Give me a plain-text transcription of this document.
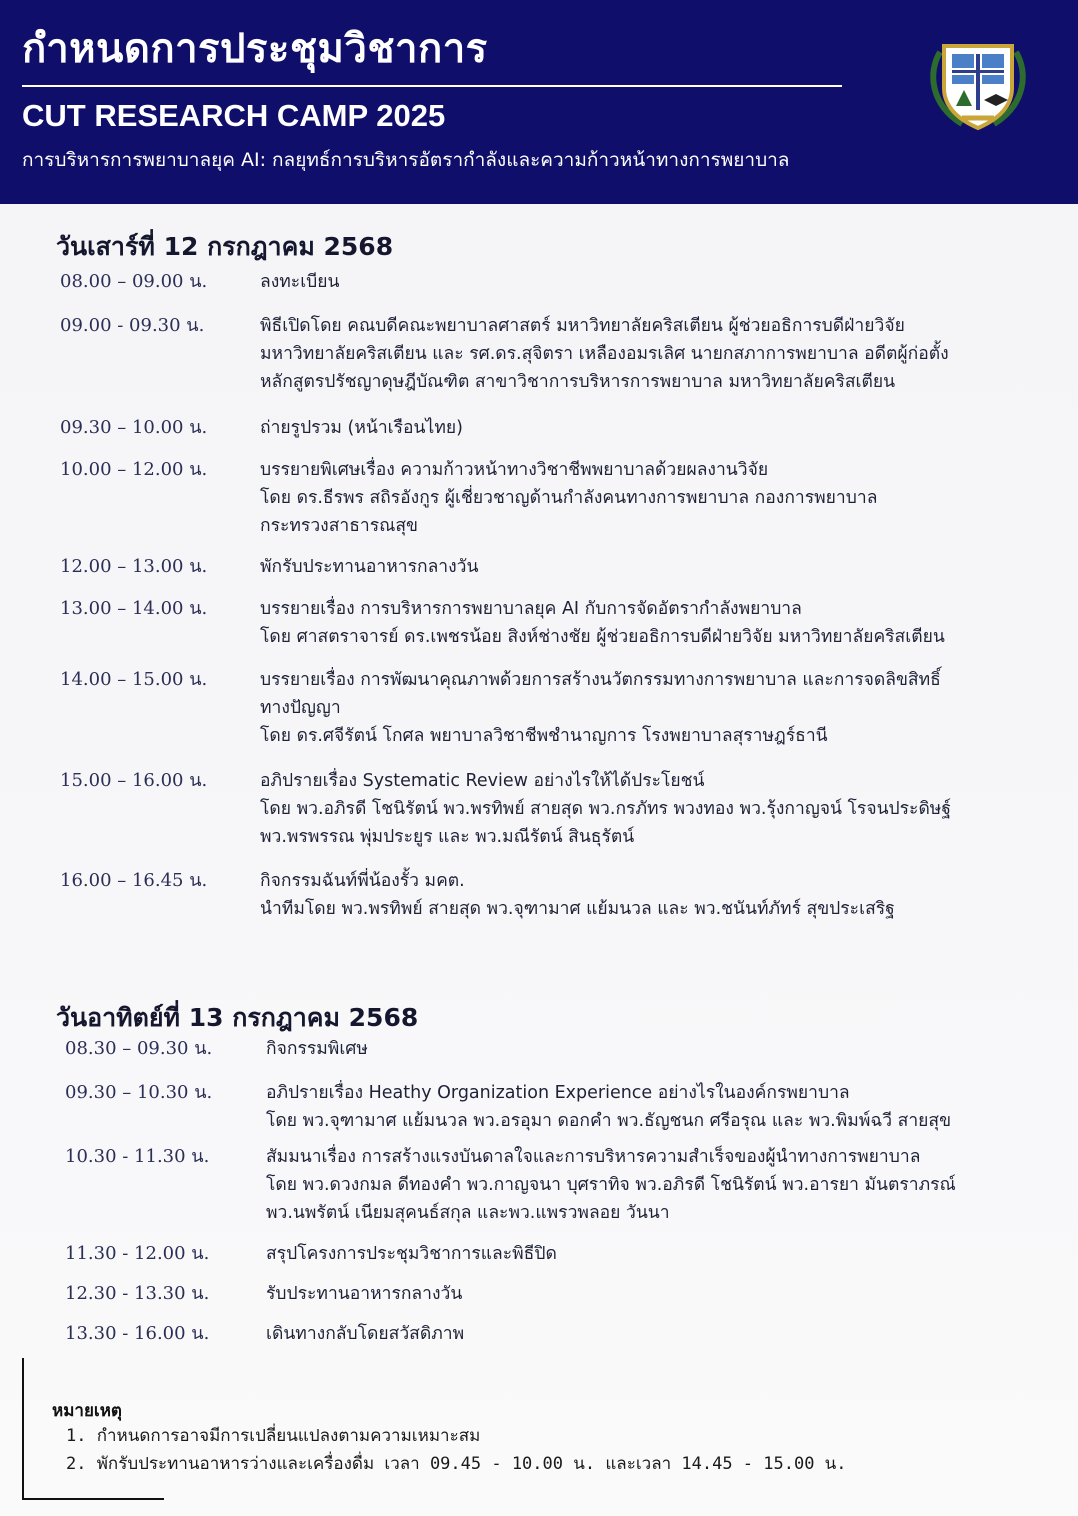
กำหนดการประชุมวิชาการ
CUT RESEARCH CAMP 2025
การบริหารการพยาบาลยุค AI: กลยุทธ์การบริหารอัตรากำลังและความก้าวหน้าทางการพยาบาล
วันเสาร์ที่ 12 กรกฎาคม 2568
08.00 – 09.00 น.	ลงทะเบียน
09.00 - 09.30 น.	พิธีเปิดโดย คณบดีคณะพยาบาลศาสตร์ มหาวิทยาลัยคริสเตียน ผู้ช่วยอธิการบดีฝ่ายวิจัย
มหาวิทยาลัยคริสเตียน และ รศ.ดร.สุจิตรา เหลืองอมรเลิศ นายกสภาการพยาบาล อดีตผู้ก่อตั้ง
หลักสูตรปรัชญาดุษฎีบัณฑิต สาขาวิชาการบริหารการพยาบาล มหาวิทยาลัยคริสเตียน
09.30 – 10.00 น.	ถ่ายรูปรวม (หน้าเรือนไทย)
10.00 – 12.00 น.	บรรยายพิเศษเรื่อง ความก้าวหน้าทางวิชาชีพพยาบาลด้วยผลงานวิจัย
โดย ดร.ธีรพร สถิรอังกูร ผู้เชี่ยวชาญด้านกำลังคนทางการพยาบาล กองการพยาบาล
กระทรวงสาธารณสุข
12.00 – 13.00 น.	พักรับประทานอาหารกลางวัน
13.00 – 14.00 น.	บรรยายเรื่อง การบริหารการพยาบาลยุค AI กับการจัดอัตรากำลังพยาบาล
โดย ศาสตราจารย์ ดร.เพชรน้อย สิงห์ช่างชัย ผู้ช่วยอธิการบดีฝ่ายวิจัย มหาวิทยาลัยคริสเตียน
14.00 – 15.00 น.	บรรยายเรื่อง การพัฒนาคุณภาพด้วยการสร้างนวัตกรรมทางการพยาบาล และการจดลิขสิทธิ์
ทางปัญญา
โดย ดร.ศจีรัตน์ โกศล พยาบาลวิชาชีพชำนาญการ โรงพยาบาลสุราษฎร์ธานี
15.00 – 16.00 น.	อภิปรายเรื่อง Systematic Review อย่างไรให้ได้ประโยชน์
โดย พว.อภิรดี โชนิรัตน์ พว.พรทิพย์ สายสุด พว.กรภัทร พวงทอง พว.รุ้งกาญจน์ โรจนประดิษฐ์
พว.พรพรรณ พุ่มประยูร และ พว.มณีรัตน์ สินธุรัตน์
16.00 – 16.45 น.	กิจกรรมฉันท์พี่น้องรั้ว มคต.
นำทีมโดย พว.พรทิพย์ สายสุด พว.จุฑามาศ แย้มนวล และ พว.ชนันท์ภัทร์ สุขประเสริฐ
วันอาทิตย์ที่ 13 กรกฎาคม 2568
08.30 – 09.30 น.	กิจกรรมพิเศษ
09.30 – 10.30 น.	อภิปรายเรื่อง Heathy Organization Experience อย่างไรในองค์กรพยาบาล
โดย พว.จุฑามาศ แย้มนวล พว.อรอุมา ดอกคำ พว.ธัญชนก ศรีอรุณ และ พว.พิมพ์ฉวี สายสุข
10.30 - 11.30 น.	สัมมนาเรื่อง การสร้างแรงบันดาลใจและการบริหารความสำเร็จของผู้นำทางการพยาบาล
โดย พว.ดวงกมล ดีทองคำ พว.กาญจนา บุศราทิจ พว.อภิรดี โชนิรัตน์ พว.อารยา มันตราภรณ์
พว.นพรัตน์ เนียมสุคนธ์สกุล และพว.แพรวพลอย วันนา
11.30 - 12.00 น.	สรุปโครงการประชุมวิชาการและพิธีปิด
12.30 - 13.30 น.	รับประทานอาหารกลางวัน
13.30 - 16.00 น.	เดินทางกลับโดยสวัสดิภาพ
หมายเหตุ
1. กำหนดการอาจมีการเปลี่ยนแปลงตามความเหมาะสม
2. พักรับประทานอาหารว่างและเครื่องดื่ม เวลา 09.45 - 10.00 น. และเวลา 14.45 - 15.00 น.
